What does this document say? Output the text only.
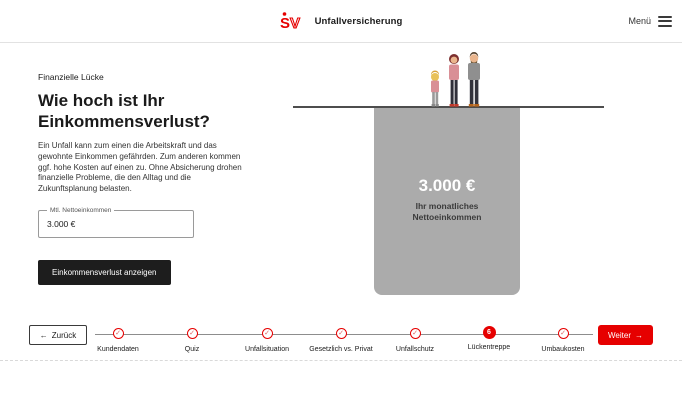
S V Unfallversicherung	Menü
Finanzielle Lücke
Wie hoch ist Ihr Einkommensverlust?

Ein Unfall kann zum einen die Arbeitskraft und das gewohnte Einkommen gefährden. Zum anderen kommen ggf. hohe Kosten auf einen zu. Ohne Absicherung drohen finanzielle Probleme, die den Alltag und die Zukunftsplanung belasten.

Mtl. Nettoeinkommen
3.000 €
Einkommensverlust anzeigen
3.000 €
Ihr monatliches
Nettoeinkommen
← Zurück	✓
Kundendaten
✓
Quiz
✓
Unfallsituation
✓
Gesetzlich vs. Privat
✓
Unfallschutz
6
Lückentreppe
✓
Umbaukosten
Weiter →
